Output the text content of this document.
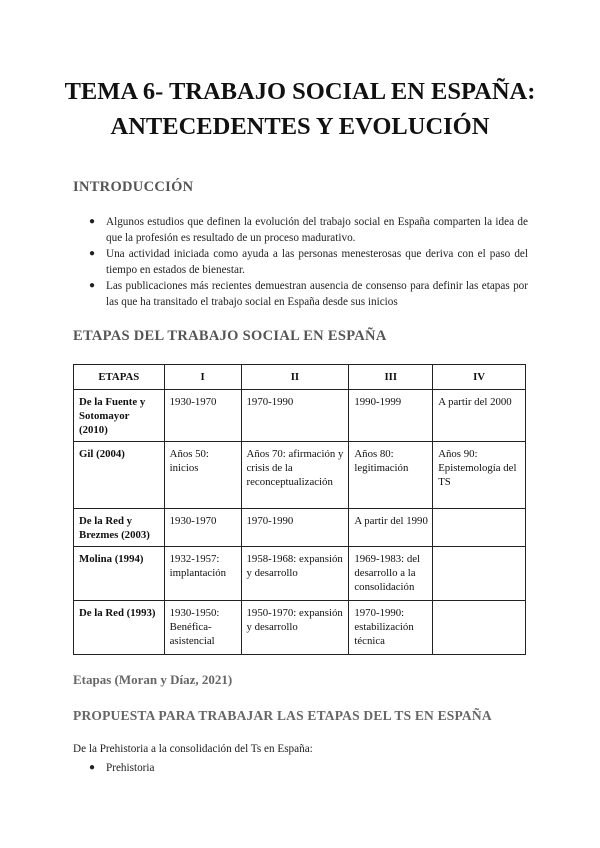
TEMA 6- TRABAJO SOCIAL EN ESPAÑA: ANTECEDENTES Y EVOLUCIÓN
INTRODUCCIÓN
● Algunos estudios que definen la evolución del trabajo social en España comparten la idea de que la profesión es resultado de un proceso madurativo.
● Una actividad iniciada como ayuda a las personas menesterosas que deriva con el paso del tiempo en estados de bienestar.
● Las publicaciones más recientes demuestran ausencia de consenso para definir las etapas por las que ha transitado el trabajo social en España desde sus inicios
ETAPAS DEL TRABAJO SOCIAL EN ESPAÑA
ETAPAS	I	II	III	IV
De la Fuente y Sotomayor (2010)	1930-1970	1970-1990	1990-1999	A partir del 2000
Gil (2004)	Años 50: inicios	Años 70: afirmación y crisis de la reconceptualización	Años 80: legitimación	Años 90: Epistemología del TS
De la Red y Brezmes (2003)	1930-1970	1970-1990	A partir del 1990	
Molina (1994)	1932-1957: implantación	1958-1968: expansión y desarrollo	1969-1983: del desarrollo a la consolidación	
De la Red (1993)	1930-1950: Benéfica-asistencial	1950-1970: expansión y desarrollo	1970-1990: estabilización técnica	
Etapas (Moran y Díaz, 2021)
PROPUESTA PARA TRABAJAR LAS ETAPAS DEL TS EN ESPAÑA

De la Prehistoria a la consolidación del Ts en España:

● Prehistoria
